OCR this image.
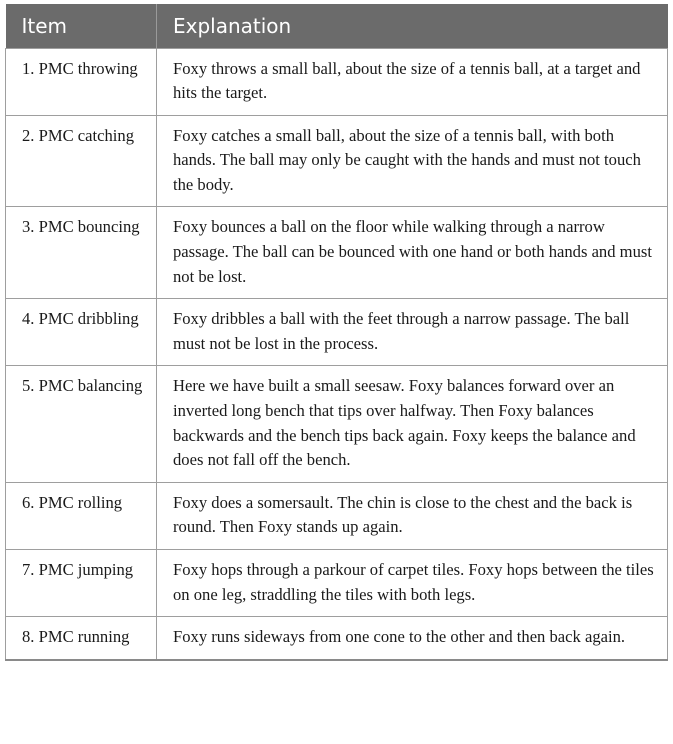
Item	Explanation
1. PMC throwing	Foxy throws a small ball, about the size of a tennis ball, at a target and hits the target.
2. PMC catching	Foxy catches a small ball, about the size of a tennis ball, with both hands. The ball may only be caught with the hands and must not touch the body.
3. PMC bouncing	Foxy bounces a ball on the floor while walking through a narrow passage. The ball can be bounced with one hand or both hands and must not be lost.
4. PMC dribbling	Foxy dribbles a ball with the feet through a narrow passage. The ball must not be lost in the process.
5. PMC balancing	Here we have built a small seesaw. Foxy balances forward over an inverted long bench that tips over halfway. Then Foxy balances backwards and the bench tips back again. Foxy keeps the balance and does not fall off the bench.
6. PMC rolling	Foxy does a somersault. The chin is close to the chest and the back is round. Then Foxy stands up again.
7. PMC jumping	Foxy hops through a parkour of carpet tiles. Foxy hops between the tiles on one leg, straddling the tiles with both legs.
8. PMC running	Foxy runs sideways from one cone to the other and then back again.
